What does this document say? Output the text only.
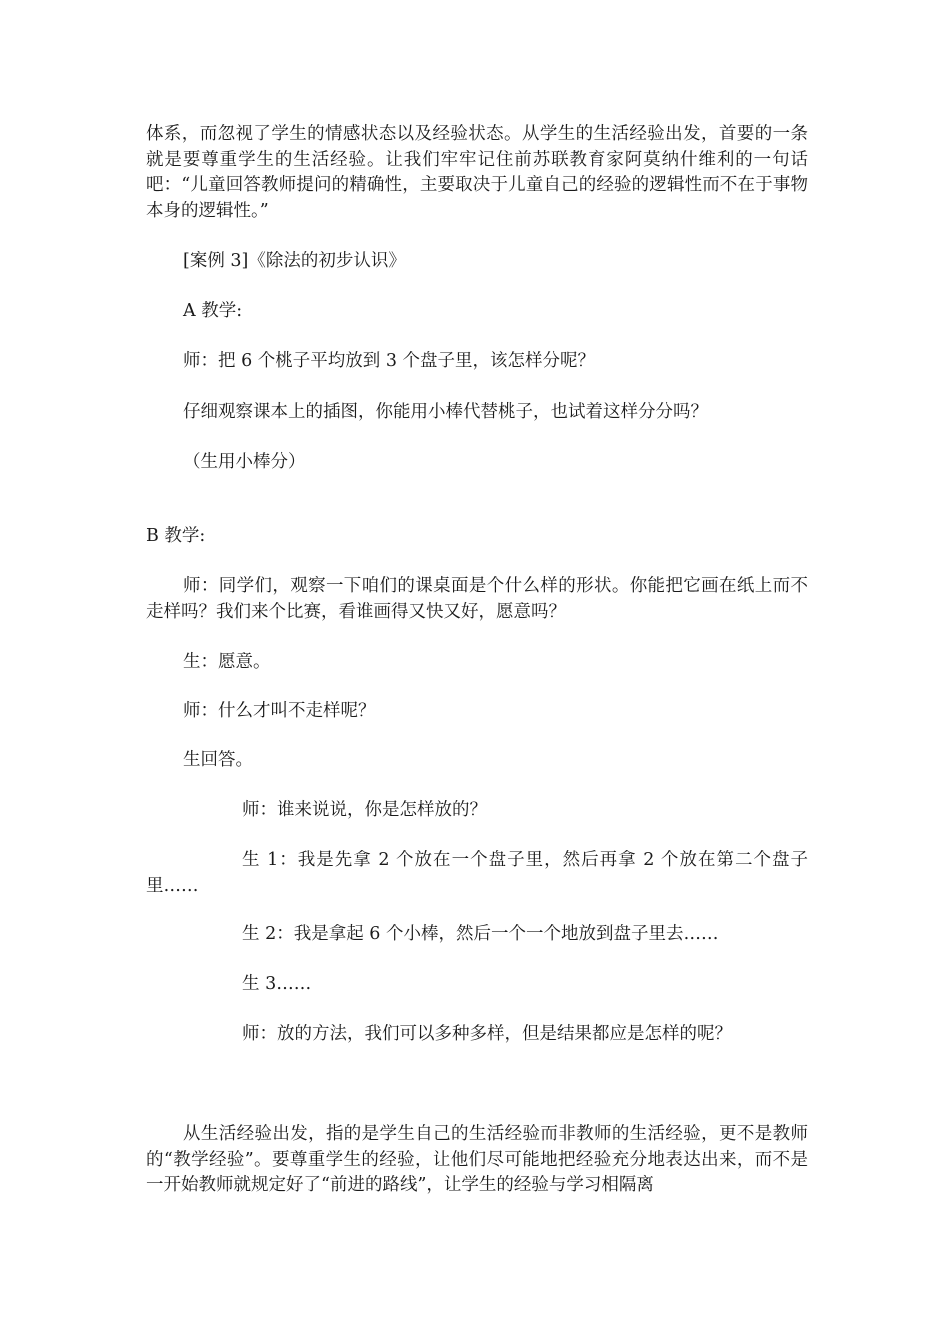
体系，而忽视了学生的情感状态以及经验状态。从学生的生活经验出发，首要的一条就是要尊重学生的生活经验。让我们牢牢记住前苏联教育家阿莫纳什维利的一句话吧：“儿童回答教师提问的精确性，主要取决于儿童自己的经验的逻辑性而不在于事物本身的逻辑性。”

[案例 3]《除法的初步认识》

A 教学:

师：把 6 个桃子平均放到 3 个盘子里，该怎样分呢？

仔细观察课本上的插图，你能用小棒代替桃子，也试着这样分分吗？

（生用小棒分）

B 教学:

师：同学们，观察一下咱们的课桌面是个什么样的形状。你能把它画在纸上而不走样吗？我们来个比赛，看谁画得又快又好，愿意吗？

生：愿意。

师：什么才叫不走样呢？

生回答。

师：谁来说说，你是怎样放的？

生 1：我是先拿 2 个放在一个盘子里，然后再拿 2 个放在第二个盘子里……

生 2：我是拿起 6 个小棒，然后一个一个地放到盘子里去……

生 3……

师：放的方法，我们可以多种多样，但是结果都应是怎样的呢？

从生活经验出发，指的是学生自己的生活经验而非教师的生活经验，更不是教师的“教学经验”。要尊重学生的经验，让他们尽可能地把经验充分地表达出来，而不是一开始教师就规定好了“前进的路线”，让学生的经验与学习相隔离
